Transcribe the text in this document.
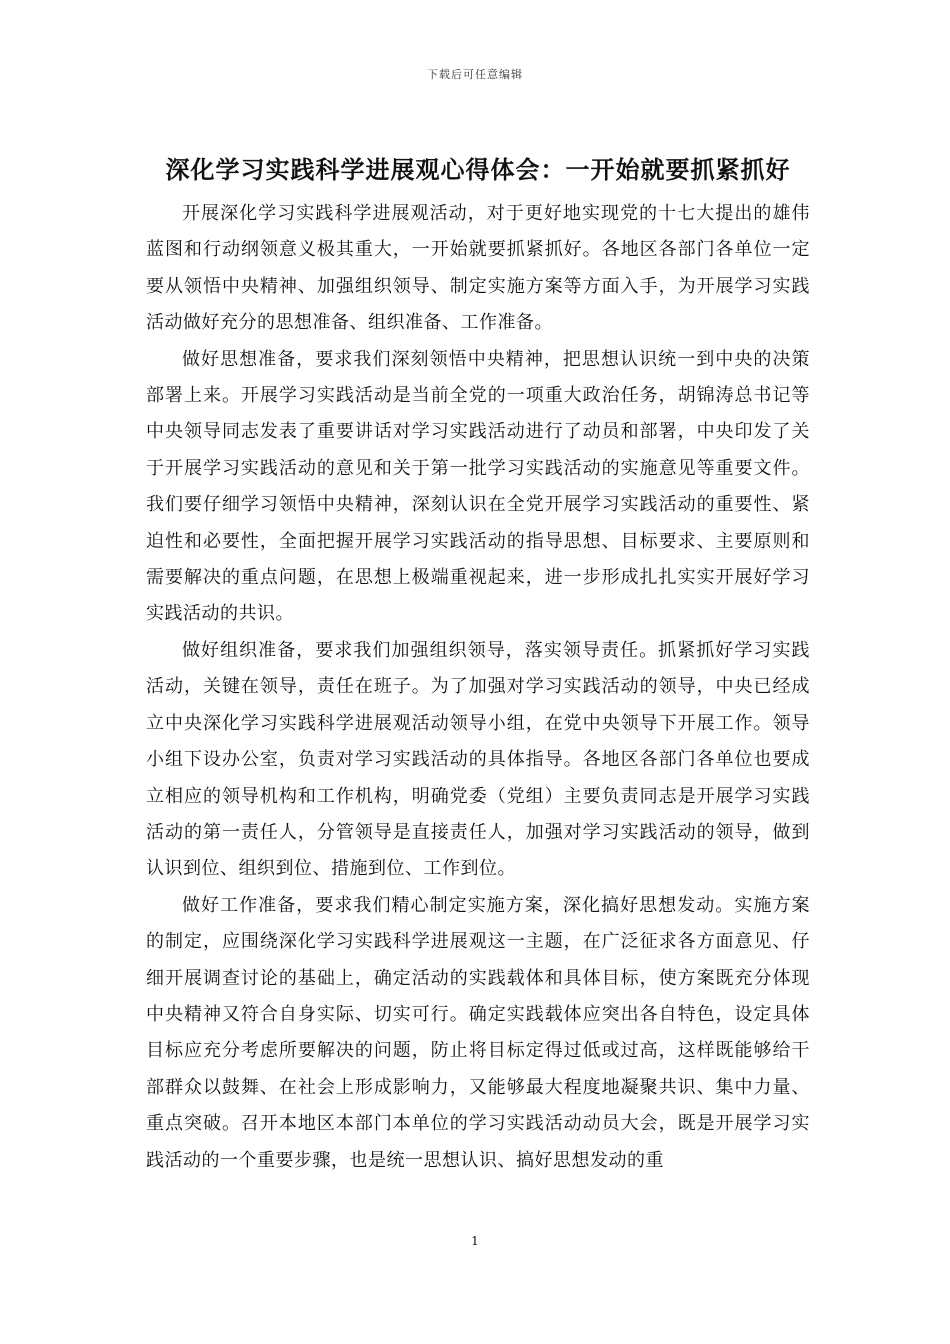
下载后可任意编辑
深化学习实践科学进展观心得体会：一开始就要抓紧抓好

开展深化学习实践科学进展观活动，对于更好地实现党的十七大提出的雄伟蓝图和行动纲领意义极其重大，一开始就要抓紧抓好。各地区各部门各单位一定要从领悟中央精神、加强组织领导、制定实施方案等方面入手，为开展学习实践活动做好充分的思想准备、组织准备、工作准备。

做好思想准备，要求我们深刻领悟中央精神，把思想认识统一到中央的决策部署上来。开展学习实践活动是当前全党的一项重大政治任务，胡锦涛总书记等中央领导同志发表了重要讲话对学习实践活动进行了动员和部署，中央印发了关于开展学习实践活动的意见和关于第一批学习实践活动的实施意见等重要文件。我们要仔细学习领悟中央精神，深刻认识在全党开展学习实践活动的重要性、紧迫性和必要性，全面把握开展学习实践活动的指导思想、目标要求、主要原则和需要解决的重点问题，在思想上极端重视起来，进一步形成扎扎实实开展好学习实践活动的共识。

做好组织准备，要求我们加强组织领导，落实领导责任。抓紧抓好学习实践活动，关键在领导，责任在班子。为了加强对学习实践活动的领导，中央已经成立中央深化学习实践科学进展观活动领导小组，在党中央领导下开展工作。领导小组下设办公室，负责对学习实践活动的具体指导。各地区各部门各单位也要成立相应的领导机构和工作机构，明确党委（党组）主要负责同志是开展学习实践活动的第一责任人，分管领导是直接责任人，加强对学习实践活动的领导，做到认识到位、组织到位、措施到位、工作到位。

做好工作准备，要求我们精心制定实施方案，深化搞好思想发动。实施方案的制定，应围绕深化学习实践科学进展观这一主题，在广泛征求各方面意见、仔细开展调查讨论的基础上，确定活动的实践载体和具体目标，使方案既充分体现中央精神又符合自身实际、切实可行。确定实践载体应突出各自特色，设定具体目标应充分考虑所要解决的问题，防止将目标定得过低或过高，这样既能够给干部群众以鼓舞、在社会上形成影响力，又能够最大程度地凝聚共识、集中力量、重点突破。召开本地区本部门本单位的学习实践活动动员大会，既是开展学习实践活动的一个重要步骤，也是统一思想认识、搞好思想发动的重

1
